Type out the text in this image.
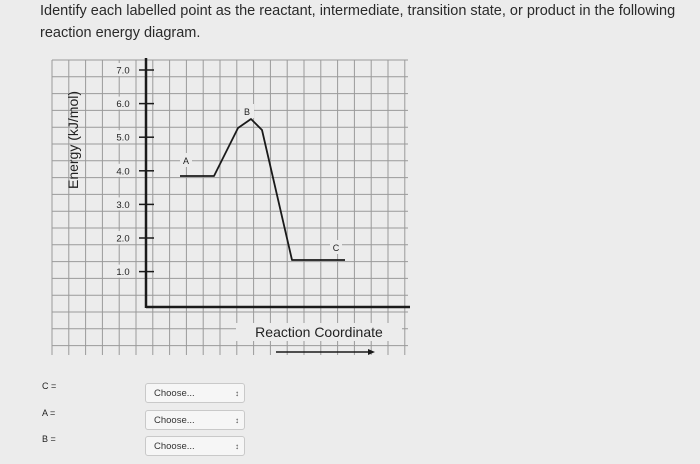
Identify each labelled point as the reactant, intermediate, transition state, or product in the following reaction energy diagram.
7.0
6.0
5.0
4.0
3.0
2.0
1.0
Energy (kJ/mol)	B
A
C
Reaction Coordinate
C =
Choose...	↕
A =
Choose...	↕
B =
Choose...	↕
